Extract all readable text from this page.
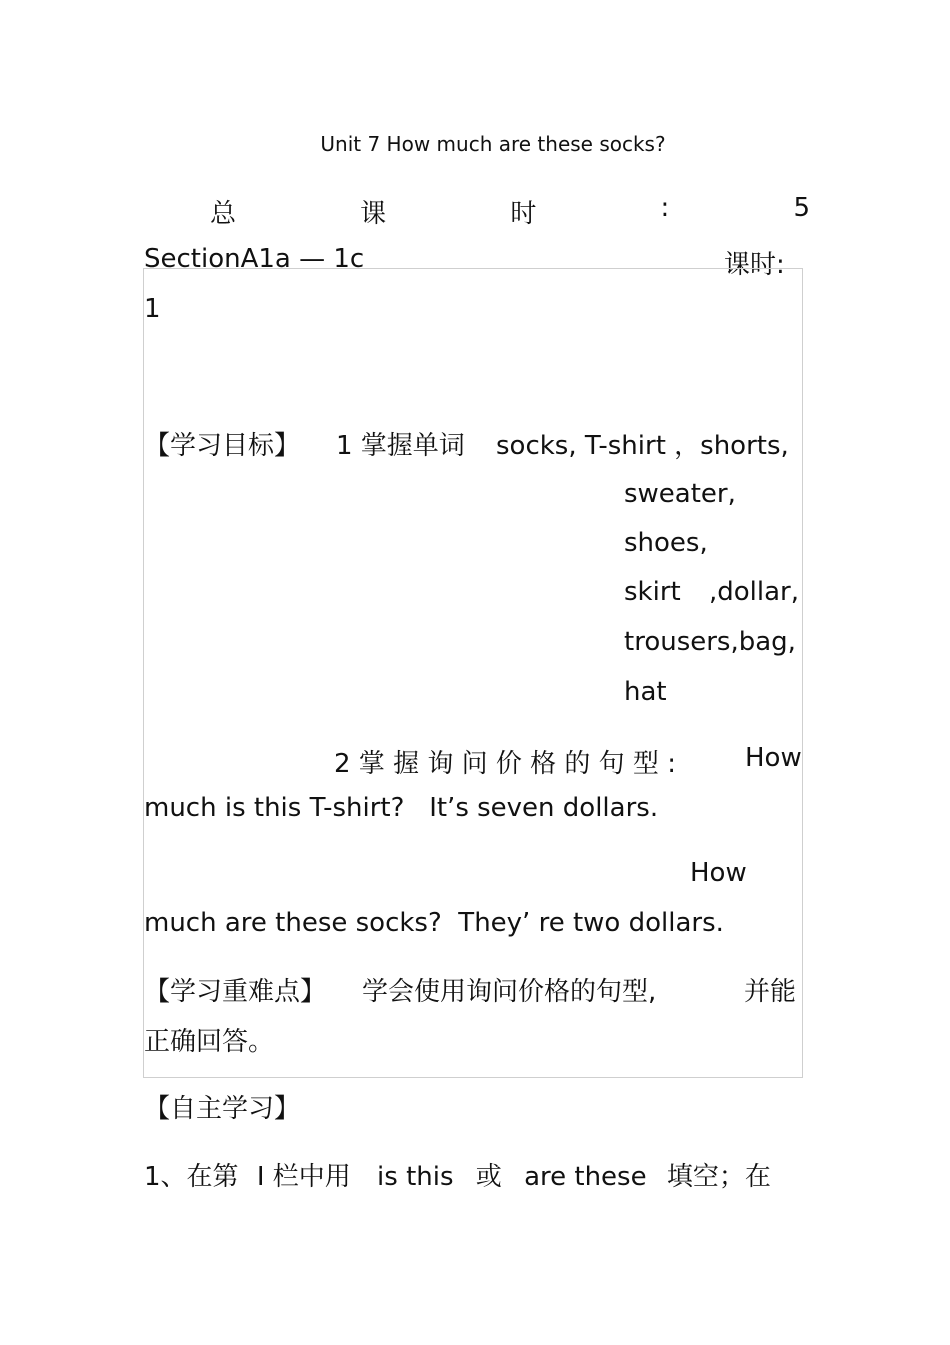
Unit 7 How much are these socks?
总	课	时	:	5
SectionA1a — 1c	课时:
1
【学习目标】 1 掌握单词 socks, T-shirt ，shorts,
sweater,
shoes,
skirt ,dollar,
trousers,bag,
hat
2 掌 握 询 问 价 格 的 句 型 :	How
much is this T-shirt?   It’s seven dollars.
How
much are these socks?  They’ re two dollars.
【学习重难点】 学会使用询问价格的句型,	并能
正确回答。
【自主学习】
1、在第 I 栏中用 is this 或 are these 填空；在
